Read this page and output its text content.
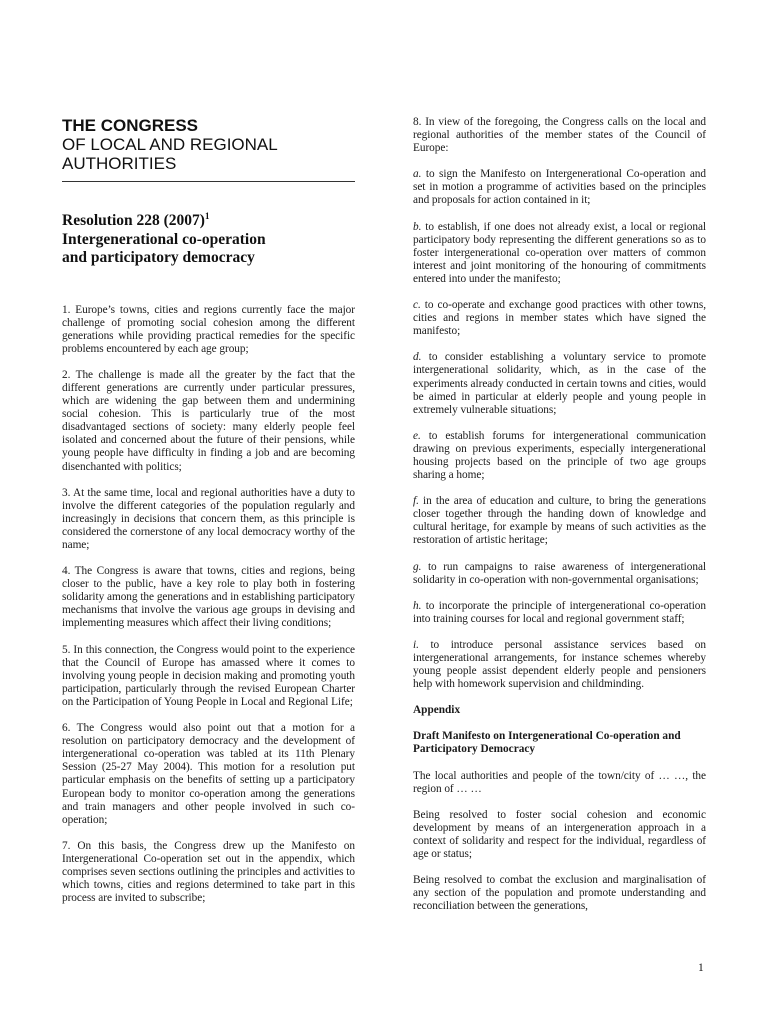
THE CONGRESS
OF LOCAL AND REGIONAL
AUTHORITIES
Resolution 228 $(2007)^1$
Intergenerational co-operation
and participatory democracy

1. Europe’s towns, cities and regions currently face the major challenge of promoting social cohesion among the different generations while providing practical remedies for the specific problems encountered by each age group;

2. The challenge is made all the greater by the fact that the different generations are currently under particular pressures, which are widening the gap between them and undermining social cohesion. This is particularly true of the most disadvantaged sections of society: many elderly people feel isolated and concerned about the future of their pensions, while young people have difficulty in finding a job and are becoming disenchanted with politics;

3. At the same time, local and regional authorities have a duty to involve the different categories of the population regularly and increasingly in decisions that concern them, as this principle is considered the cornerstone of any local democracy worthy of the name;

4. The Congress is aware that towns, cities and regions, being closer to the public, have a key role to play both in fostering solidarity among the generations and in establishing participatory mechanisms that involve the various age groups in devising and implementing measures which affect their living conditions;

5. In this connection, the Congress would point to the experience that the Council of Europe has amassed where it comes to involving young people in decision making and promoting youth participation, particularly through the revised European Charter on the Participation of Young People in Local and Regional Life;

6. The Congress would also point out that a motion for a resolution on participatory democracy and the development of intergenerational co-operation was tabled at its 11th Plenary Session (25-27 May 2004). This motion for a resolution put particular emphasis on the benefits of setting up a participatory European body to monitor co-operation among the generations and train managers and other people involved in such co-operation;

7. On this basis, the Congress drew up the Manifesto on Intergenerational Co-operation set out in the appendix, which comprises seven sections outlining the principles and activities to which towns, cities and regions determined to take part in this process are invited to subscribe;

8. In view of the foregoing, the Congress calls on the local and regional authorities of the member states of the Council of Europe:

a. to sign the Manifesto on Intergenerational Co-operation and set in motion a programme of activities based on the principles and proposals for action contained in it;

b. to establish, if one does not already exist, a local or regional participatory body representing the different generations so as to foster intergenerational co-operation over matters of common interest and joint monitoring of the honouring of commitments entered into under the manifesto;

c. to co-operate and exchange good practices with other towns, cities and regions in member states which have signed the manifesto;

d. to consider establishing a voluntary service to promote intergenerational solidarity, which, as in the case of the experiments already conducted in certain towns and cities, would be aimed in particular at elderly people and young people in extremely vulnerable situations;

e. to establish forums for intergenerational communication drawing on previous experiments, especially intergenerational housing projects based on the principle of two age groups sharing a home;

f. in the area of education and culture, to bring the generations closer together through the handing down of knowledge and cultural heritage, for example by means of such activities as the restoration of artistic heritage;

g. to run campaigns to raise awareness of intergenerational solidarity in co-operation with non-governmental organisations;

h. to incorporate the principle of intergenerational co-operation into training courses for local and regional government staff;

i. to introduce personal assistance services based on intergenerational arrangements, for instance schemes whereby young people assist dependent elderly people and pensioners help with homework supervision and childminding.

Appendix
Draft Manifesto on Intergenerational Co-operation and Participatory Democracy

The local authorities and people of the town/city of … …, the region of … …

Being resolved to foster social cohesion and economic development by means of an intergeneration approach in a context of solidarity and respect for the individual, regardless of age or status;

Being resolved to combat the exclusion and marginalisation of any section of the population and promote understanding and reconciliation between the generations,

1
